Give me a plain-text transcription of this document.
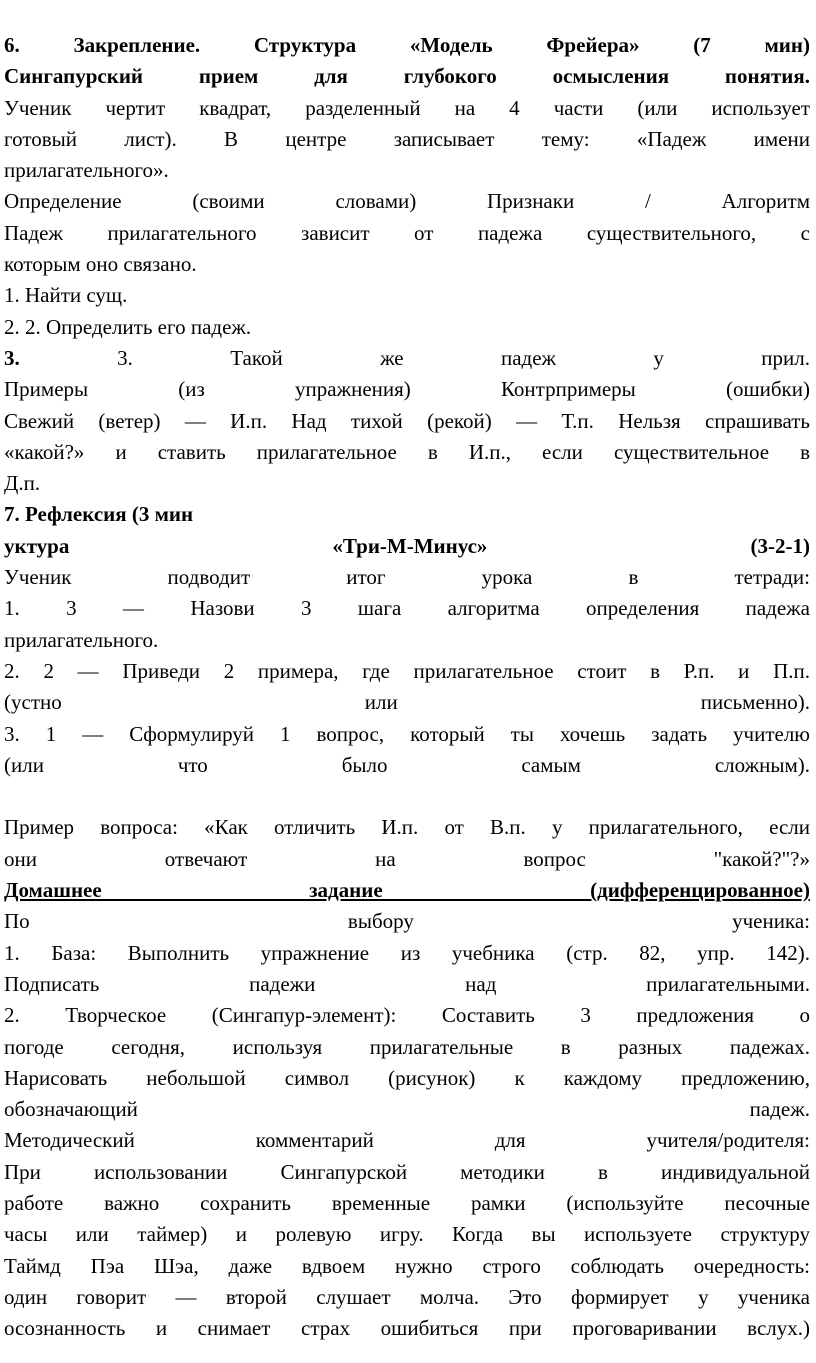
6. Закрепление. Структура «Модель Фрейера» (7 мин)
Сингапурский прием для глубокого осмысления понятия.
Ученик чертит квадрат, разделенный на 4 части (или использует
готовый лист). В центре записывает тему: «Падеж имени
прилагательного».
Определение (своими словами) Признаки / Алгоритм
Падеж прилагательного зависит от падежа существительного, с
которым оно связано.
1. Найти сущ.
2. 2. Определить его падеж.
3. 3. Такой же падеж у прил.
Примеры (из упражнения) Контрпримеры (ошибки)
Свежий (ветер) — И.п. Над тихой (рекой) — Т.п. Нельзя спрашивать
«какой?» и ставить прилагательное в И.п., если существительное в
Д.п.
7. Рефлексия (3 мин
уктура «Три-М-Минус» (3-2-1)
Ученик подводит итог урока в тетради:
1. 3 — Назови 3 шага алгоритма определения падежа
прилагательного.
2. 2 — Приведи 2 примера, где прилагательное стоит в Р.п. и П.п.
(устно или письменно).
3. 1 — Сформулируй 1 вопрос, который ты хочешь задать учителю
(или что было самым сложным).

Пример вопроса: «Как отличить И.п. от В.п. у прилагательного, если
они отвечают на вопрос "какой?"?»
Домашнее задание (дифференцированное)
По выбору ученика:
1. База: Выполнить упражнение из учебника (стр. 82, упр. 142).
Подписать падежи над прилагательными.
2. Творческое (Сингапур-элемент): Составить 3 предложения о
погоде сегодня, используя прилагательные в разных падежах.
Нарисовать небольшой символ (рисунок) к каждому предложению,
обозначающий падеж.
Методический комментарий для учителя/родителя:
При использовании Сингапурской методики в индивидуальной
работе важно сохранить временные рамки (используйте песочные
часы или таймер) и ролевую игру. Когда вы используете структуру
Таймд Пэа Шэа, даже вдвоем нужно строго соблюдать очередность:
один говорит — второй слушает молча. Это формирует у ученика
осознанность и снимает страх ошибиться при проговаривании вслух.)
